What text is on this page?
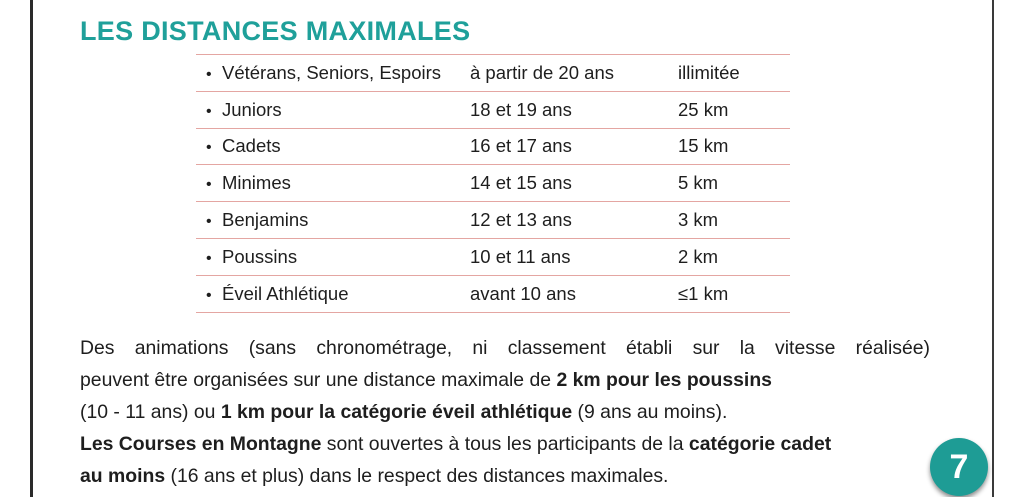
LES DISTANCES MAXIMALES
• Vétérans, Seniors, Espoirs	à partir de 20 ans	illimitée
• Juniors	18 et 19 ans	25 km
• Cadets	16 et 17 ans	15 km
• Minimes	14 et 15 ans	5 km
• Benjamins	12 et 13 ans	3 km
• Poussins	10 et 11 ans	2 km
• Éveil Athlétique	avant 10 ans	≤1 km
Des animations (sans chronométrage, ni classement établi sur la vitesse réalisée)
peuvent être organisées sur une distance maximale de 2 km pour les poussins
(10 - 11 ans) ou 1 km pour la catégorie éveil athlétique (9 ans au moins).
Les Courses en Montagne sont ouvertes à tous les participants de la catégorie cadet
au moins (16 ans et plus) dans le respect des distances maximales.	7
